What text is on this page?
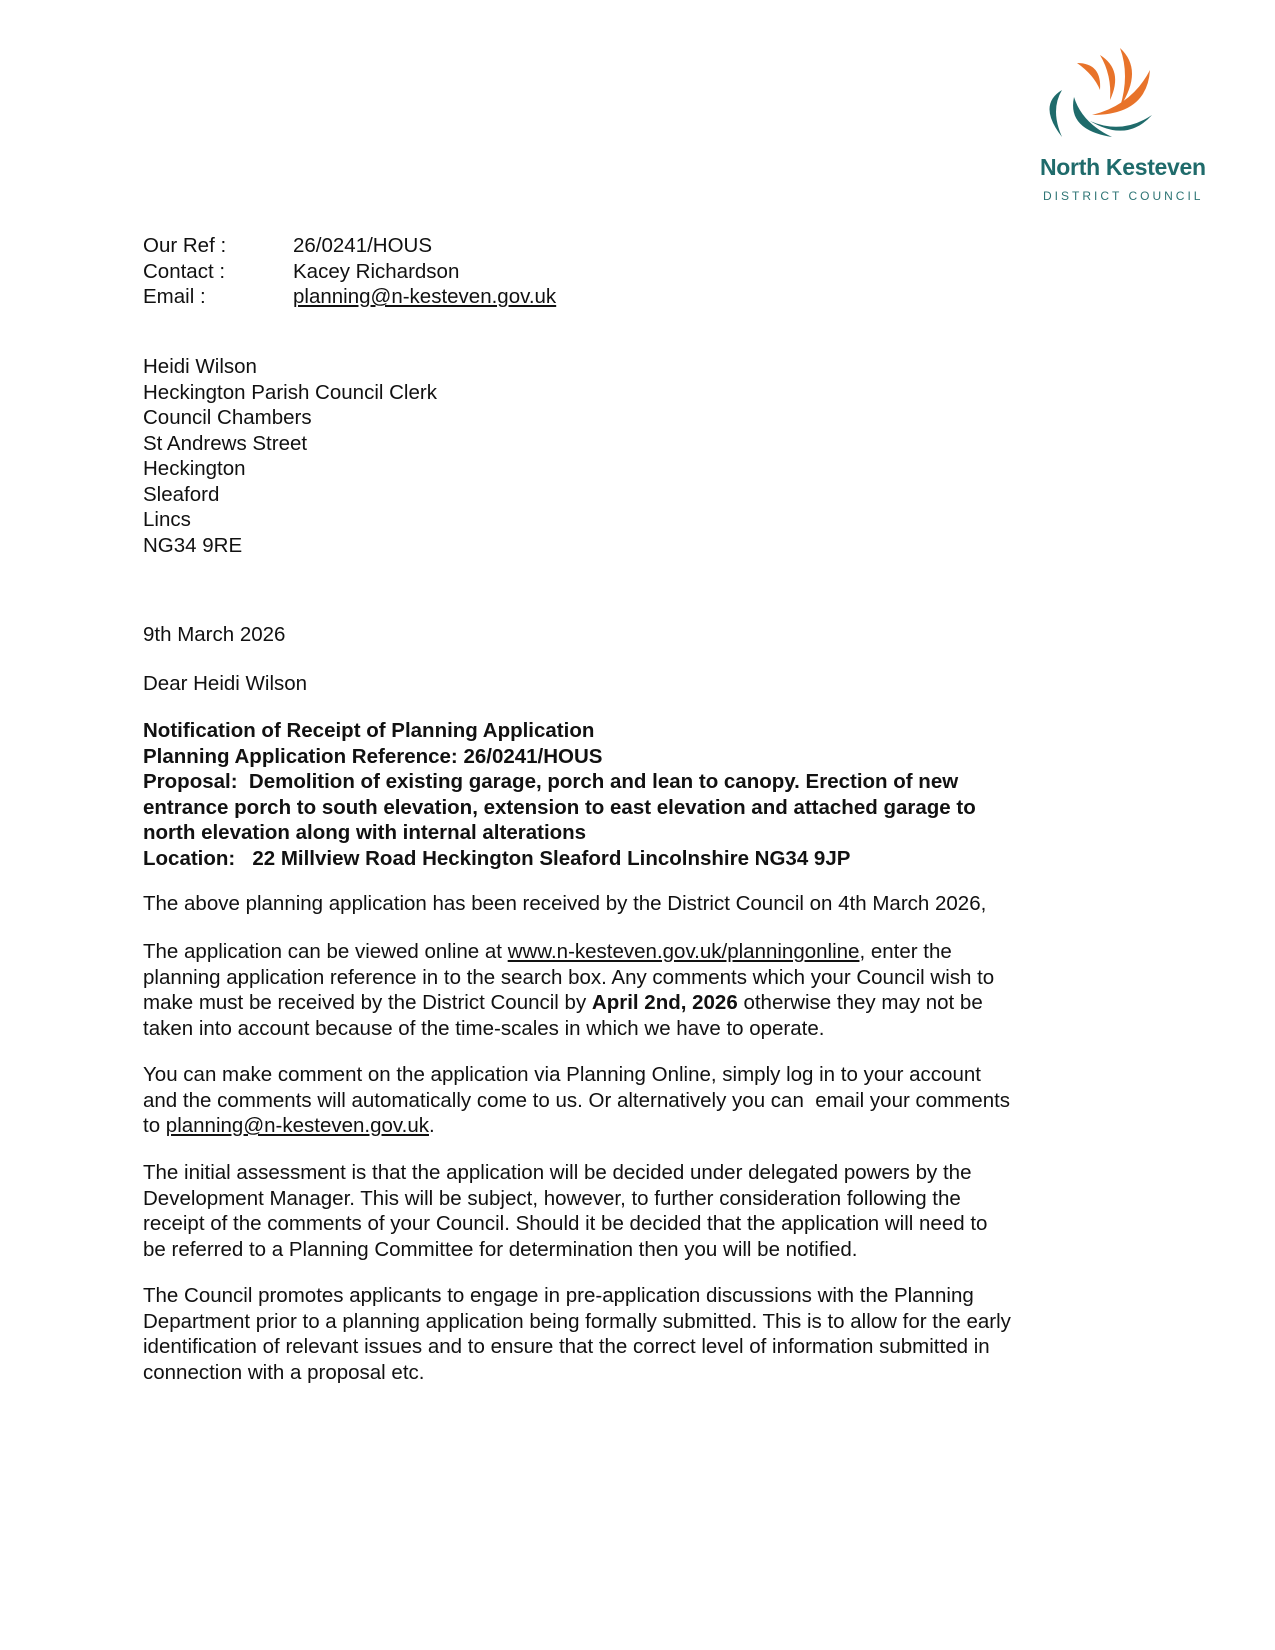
North Kesteven
DISTRICT COUNCIL
Our Ref :	26/0241/HOUS
Contact :	Kacey Richardson
Email :	planning@n-kesteven.gov.uk
Heidi Wilson
Heckington Parish Council Clerk
Council Chambers
St Andrews Street
Heckington
Sleaford
Lincs
NG34 9RE
9th March 2026
Dear Heidi Wilson
Notification of Receipt of Planning Application
Planning Application Reference: 26/0241/HOUS
Proposal:  Demolition of existing garage, porch and lean to canopy. Erection of new
entrance porch to south elevation, extension to east elevation and attached garage to
north elevation along with internal alterations
Location:   22 Millview Road Heckington Sleaford Lincolnshire NG34 9JP
The above planning application has been received by the District Council on 4th March 2026,
The application can be viewed online at www.n-kesteven.gov.uk/planningonline, enter the
planning application reference in to the search box. Any comments which your Council wish to
make must be received by the District Council by April 2nd, 2026 otherwise they may not be
taken into account because of the time-scales in which we have to operate.
You can make comment on the application via Planning Online, simply log in to your account
and the comments will automatically come to us. Or alternatively you can  email your comments
to planning@n-kesteven.gov.uk.
The initial assessment is that the application will be decided under delegated powers by the
Development Manager. This will be subject, however, to further consideration following the
receipt of the comments of your Council. Should it be decided that the application will need to
be referred to a Planning Committee for determination then you will be notified.
The Council promotes applicants to engage in pre-application discussions with the Planning
Department prior to a planning application being formally submitted. This is to allow for the early
identification of relevant issues and to ensure that the correct level of information submitted in
connection with a proposal etc.
